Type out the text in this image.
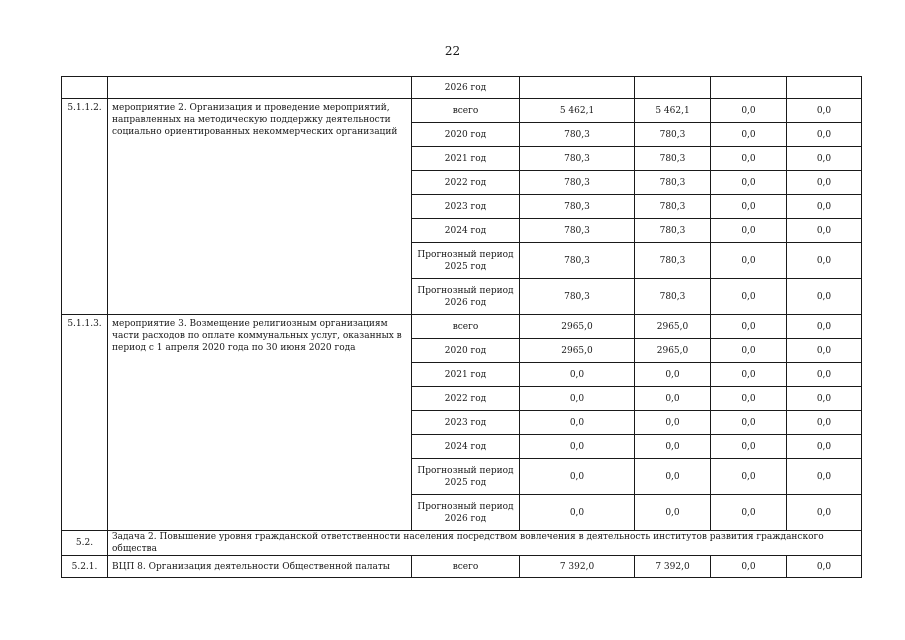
22
		2026 год				
5.1.1.2.	мероприятие 2. Организация и проведение мероприятий, направленных на методическую поддержку деятельности социально ориентированных некоммерческих организаций	всего	5 462,1	5 462,1	0,0	0,0
		2020 год	780,3	780,3	0,0	0,0
		2021 год	780,3	780,3	0,0	0,0
		2022 год	780,3	780,3	0,0	0,0
		2023 год	780,3	780,3	0,0	0,0
		2024 год	780,3	780,3	0,0	0,0
		Прогнозный период 2025 год	780,3	780,3	0,0	0,0
		Прогнозный период 2026 год	780,3	780,3	0,0	0,0
5.1.1.3.	мероприятие 3. Возмещение религиозным организациям части расходов по оплате коммунальных услуг, оказанных в период с 1 апреля 2020 года по 30 июня 2020 года	всего	2965,0	2965,0	0,0	0,0
		2020 год	2965,0	2965,0	0,0	0,0
		2021 год	0,0	0,0	0,0	0,0
		2022 год	0,0	0,0	0,0	0,0
		2023 год	0,0	0,0	0,0	0,0
		2024 год	0,0	0,0	0,0	0,0
		Прогнозный период 2025 год	0,0	0,0	0,0	0,0
		Прогнозный период 2026 год	0,0	0,0	0,0	0,0
5.2.	Задача 2. Повышение уровня гражданской ответственности населения посредством вовлечения в деятельность институтов развития гражданского общества					
5.2.1.	ВЦП 8. Организация деятельности Общественной палаты	всего	7 392,0	7 392,0	0,0	0,0
